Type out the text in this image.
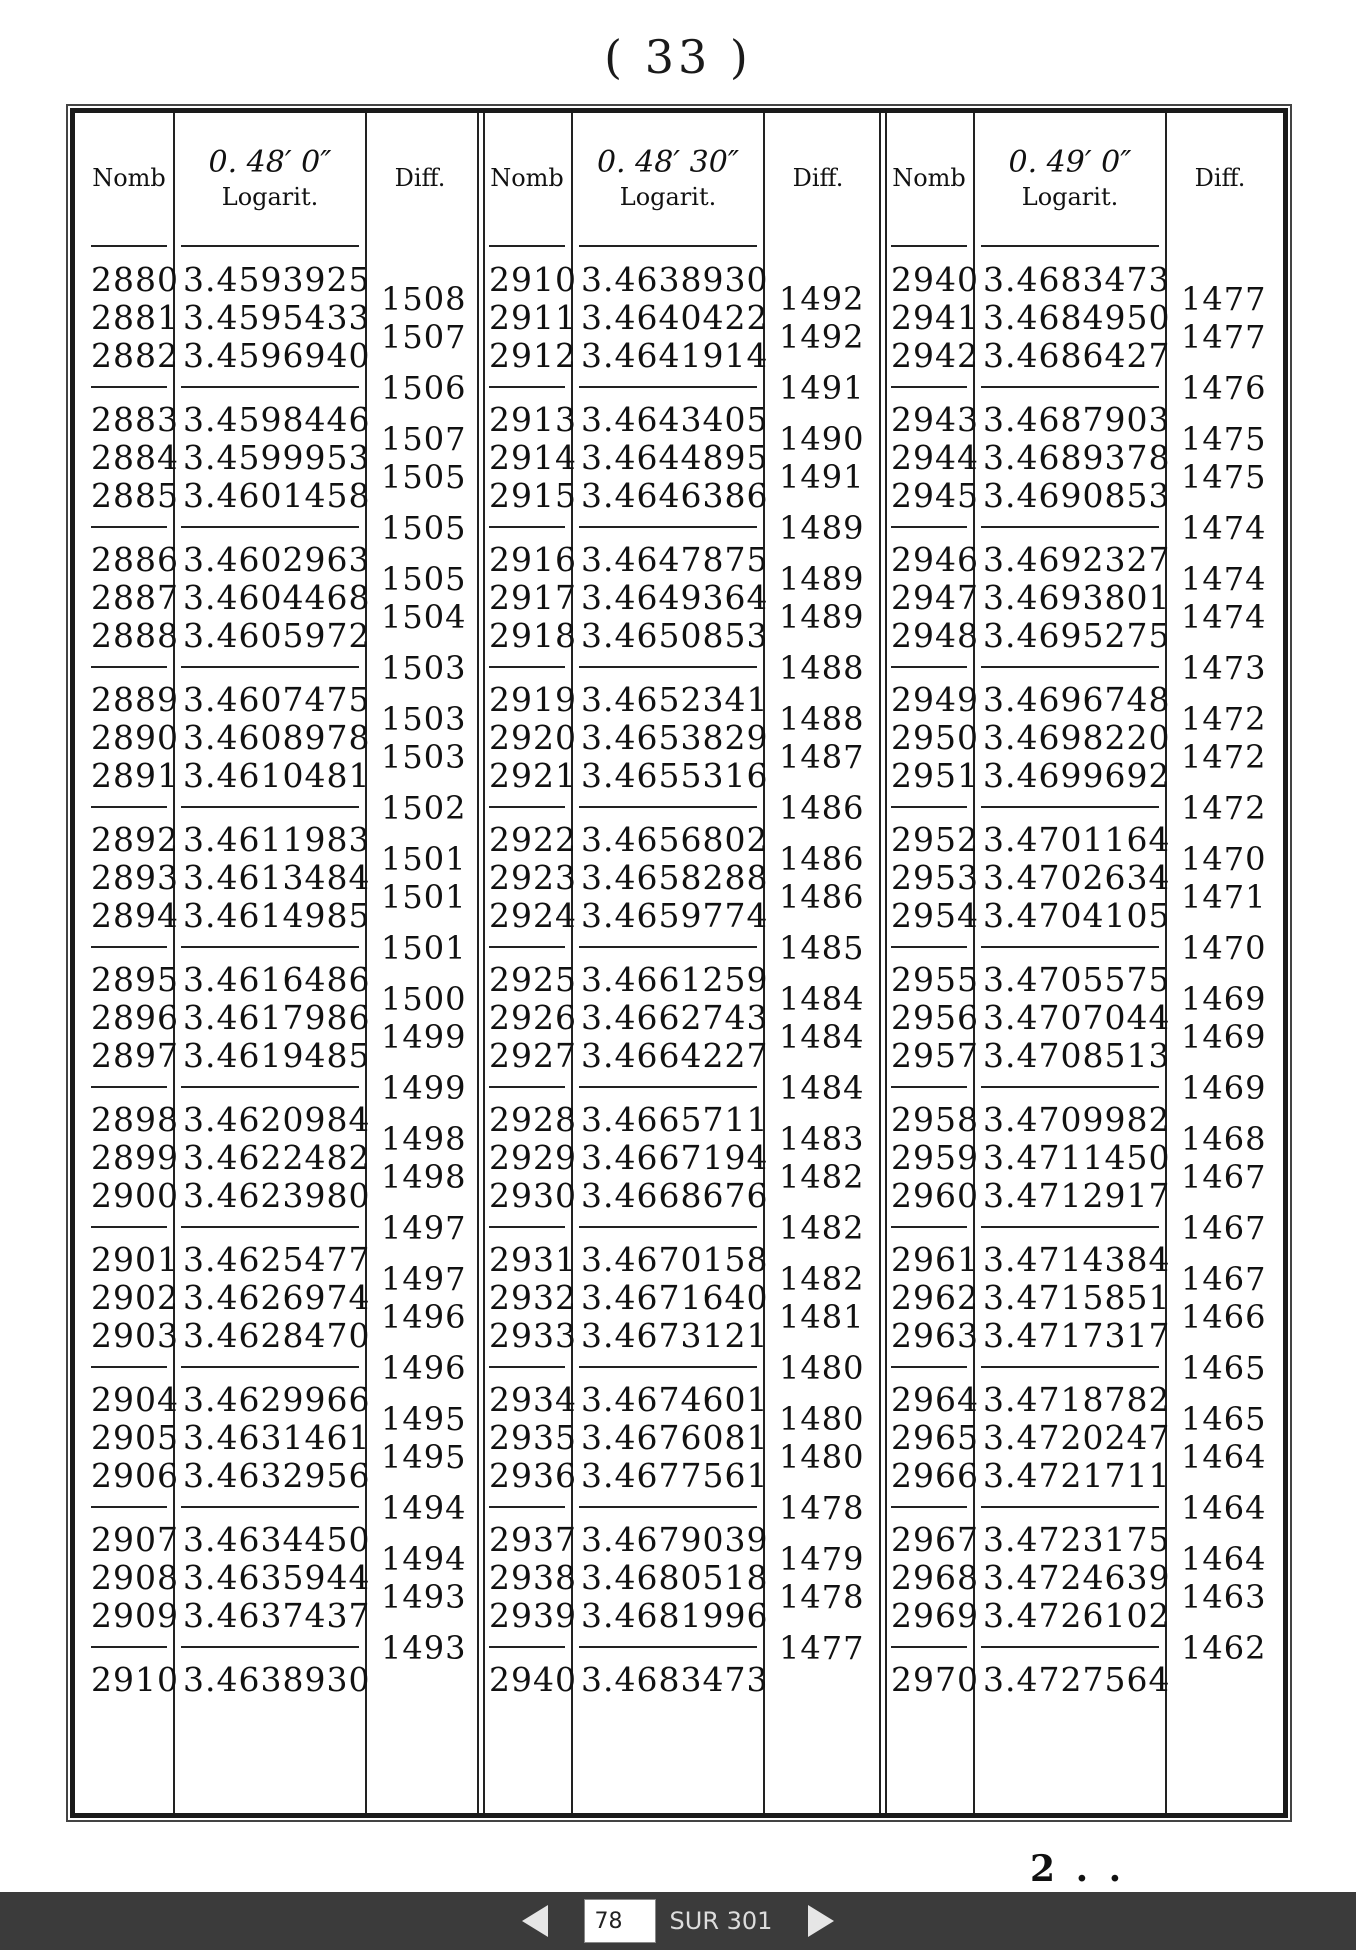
( 33 )
Nomb
2880
2881
2882
2883
2884
2885
2886
2887
2888
2889
2890
2891
2892
2893
2894
2895
2896
2897
2898
2899
2900
2901
2902
2903
2904
2905
2906
2907
2908
2909
2910
0. 48′ 0″
Logarit.
3.4593925
3.4595433
3.4596940
3.4598446
3.4599953
3.4601458
3.4602963
3.4604468
3.4605972
3.4607475
3.4608978
3.4610481
3.4611983
3.4613484
3.4614985
3.4616486
3.4617986
3.4619485
3.4620984
3.4622482
3.4623980
3.4625477
3.4626974
3.4628470
3.4629966
3.4631461
3.4632956
3.4634450
3.4635944
3.4637437
3.4638930
Diff.
1508
1507
1506
1507
1505
1505
1505
1504
1503
1503
1503
1502
1501
1501
1501
1500
1499
1499
1498
1498
1497
1497
1496
1496
1495
1495
1494
1494
1493
1493
Nomb
2910
2911
2912
2913
2914
2915
2916
2917
2918
2919
2920
2921
2922
2923
2924
2925
2926
2927
2928
2929
2930
2931
2932
2933
2934
2935
2936
2937
2938
2939
2940
0. 48′ 30″
Logarit.
3.4638930
3.4640422
3.4641914
3.4643405
3.4644895
3.4646386
3.4647875
3.4649364
3.4650853
3.4652341
3.4653829
3.4655316
3.4656802
3.4658288
3.4659774
3.4661259
3.4662743
3.4664227
3.4665711
3.4667194
3.4668676
3.4670158
3.4671640
3.4673121
3.4674601
3.4676081
3.4677561
3.4679039
3.4680518
3.4681996
3.4683473
Diff.
1492
1492
1491
1490
1491
1489
1489
1489
1488
1488
1487
1486
1486
1486
1485
1484
1484
1484
1483
1482
1482
1482
1481
1480
1480
1480
1478
1479
1478
1477
Nomb
2940
2941
2942
2943
2944
2945
2946
2947
2948
2949
2950
2951
2952
2953
2954
2955
2956
2957
2958
2959
2960
2961
2962
2963
2964
2965
2966
2967
2968
2969
2970
0. 49′ 0″
Logarit.
3.4683473
3.4684950
3.4686427
3.4687903
3.4689378
3.4690853
3.4692327
3.4693801
3.4695275
3.4696748
3.4698220
3.4699692
3.4701164
3.4702634
3.4704105
3.4705575
3.4707044
3.4708513
3.4709982
3.4711450
3.4712917
3.4714384
3.4715851
3.4717317
3.4718782
3.4720247
3.4721711
3.4723175
3.4724639
3.4726102
3.4727564
Diff.
1477
1477
1476
1475
1475
1474
1474
1474
1473
1472
1472
1472
1470
1471
1470
1469
1469
1469
1468
1467
1467
1467
1466
1465
1465
1464
1464
1464
1463
1462
2 . .
78
SUR 301
